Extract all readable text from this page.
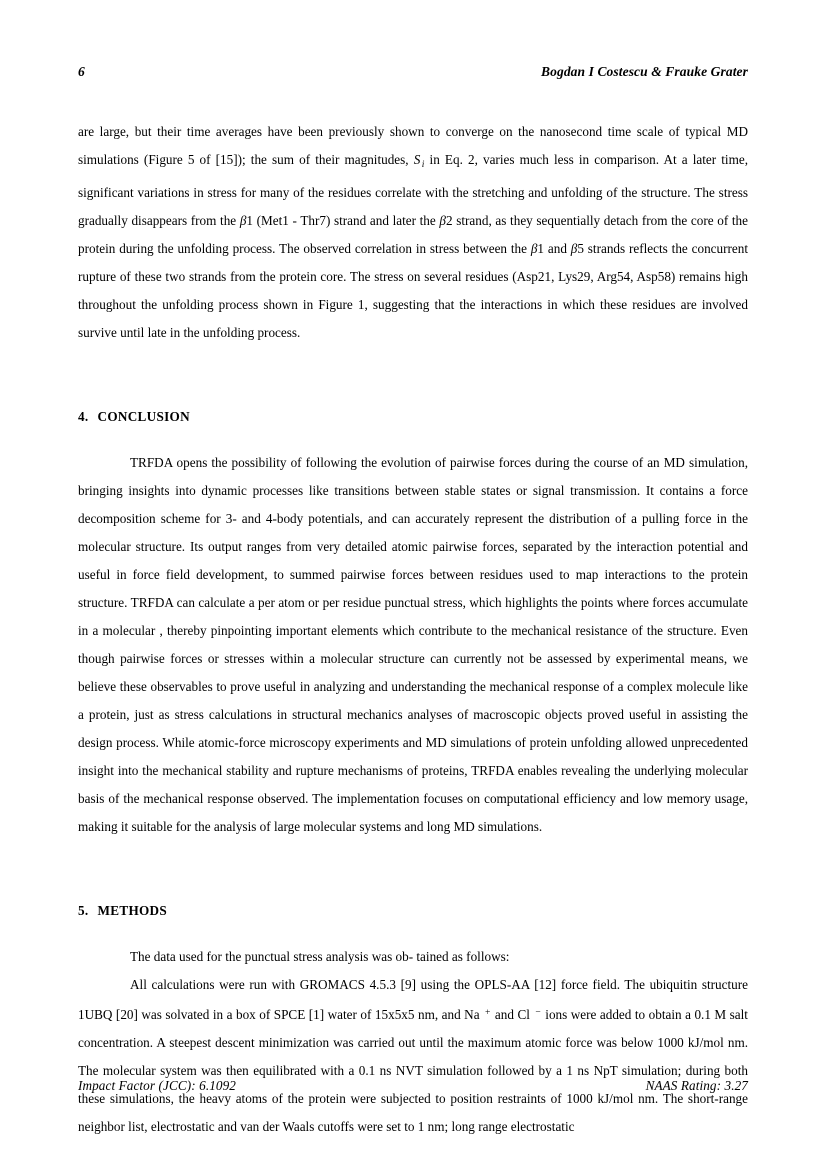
6	Bogdan I Costescu & Frauke Grater

are large, but their time averages have been previously shown to converge on the nanosecond time scale of typical MD simulations (Figure 5 of [15]); the sum of their magnitudes, S $_i$ in Eq. 2, varies much less in comparison. At a later time, significant variations in stress for many of the residues correlate with the stretching and unfolding of the structure. The stress gradually disappears from the β1 (Met1 - Thr7) strand and later the β2 strand, as they sequentially detach from the core of the protein during the unfolding process. The observed correlation in stress between the β1 and β5 strands reflects the concurrent rupture of these two strands from the protein core. The stress on several residues (Asp21, Lys29, Arg54, Asp58) remains high throughout the unfolding process shown in Figure 1, suggesting that the interactions in which these residues are involved survive until late in the unfolding process.

4. CONCLUSION

TRFDA opens the possibility of following the evolution of pairwise forces during the course of an MD simulation, bringing insights into dynamic processes like transitions between stable states or signal transmission. It contains a force decomposition scheme for 3- and 4-body potentials, and can accurately represent the distribution of a pulling force in the molecular structure. Its output ranges from very detailed atomic pairwise forces, separated by the interaction potential and useful in force field development, to summed pairwise forces between residues used to map interactions to the protein structure. TRFDA can calculate a per atom or per residue punctual stress, which highlights the points where forces accumulate in a molecular , thereby pinpointing important elements which contribute to the mechanical resistance of the structure. Even though pairwise forces or stresses within a molecular structure can currently not be assessed by experimental means, we believe these observables to prove useful in analyzing and understanding the mechanical response of a complex molecule like a protein, just as stress calculations in structural mechanics analyses of macroscopic objects proved useful in assisting the design process. While atomic-force microscopy experiments and MD simulations of protein unfolding allowed unprecedented insight into the mechanical stability and rupture mechanisms of proteins, TRFDA enables revealing the underlying molecular basis of the mechanical response observed. The implementation focuses on computational efficiency and low memory usage, making it suitable for the analysis of large molecular systems and long MD simulations.

5. METHODS

The data used for the punctual stress analysis was ob- tained as follows:

All calculations were run with GROMACS 4.5.3 [9] using the OPLS-AA [12] force field. The ubiquitin structure 1UBQ [20] was solvated in a box of SPCE [1] water of 15x5x5 nm, and Na + and Cl − ions were added to obtain a 0.1 M salt concentration. A steepest descent minimization was carried out until the maximum atomic force was below 1000 kJ/mol nm. The molecular system was then equilibrated with a 0.1 ns NVT simulation followed by a 1 ns NpT simulation; during both these simulations, the heavy atoms of the protein were subjected to position restraints of 1000 kJ/mol nm. The short-range neighbor list, electrostatic and van der Waals cutoffs were set to 1 nm; long range electrostatic

Impact Factor (JCC): 6.1092	NAAS Rating: 3.27
